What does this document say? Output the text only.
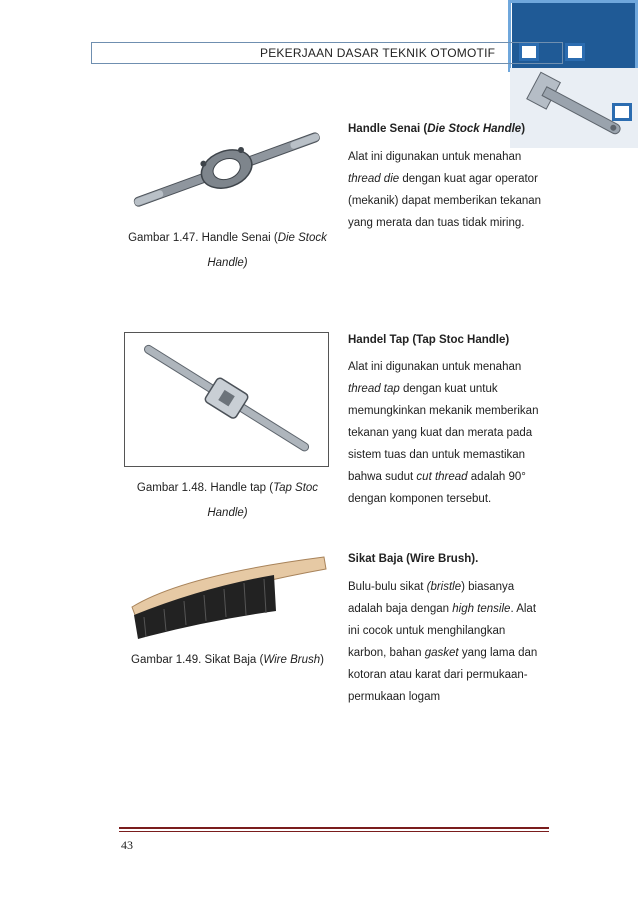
PEKERJAAN DASAR TEKNIK OTOMOTIF
Gambar 1.47. Handle Senai (Die Stock
Handle)
Handle Senai (Die Stock Handle)
Alat ini digunakan untuk menahan
thread die dengan kuat agar operator
(mekanik) dapat memberikan tekanan
yang merata dan tuas tidak miring.
Gambar 1.48. Handle tap (Tap Stoc
Handle)
Handel Tap (Tap Stoc Handle)
Alat ini digunakan untuk menahan
thread tap dengan kuat untuk
memungkinkan mekanik memberikan
tekanan yang kuat dan merata pada
sistem tuas dan untuk memastikan
bahwa sudut cut thread adalah 90°
dengan komponen tersebut.
Gambar 1.49. Sikat Baja (Wire Brush)
Sikat Baja (Wire Brush).
Bulu-bulu sikat (bristle) biasanya
adalah baja dengan high tensile. Alat
ini cocok untuk menghilangkan
karbon, bahan gasket yang lama dan
kotoran atau karat dari permukaan-
permukaan logam
43
